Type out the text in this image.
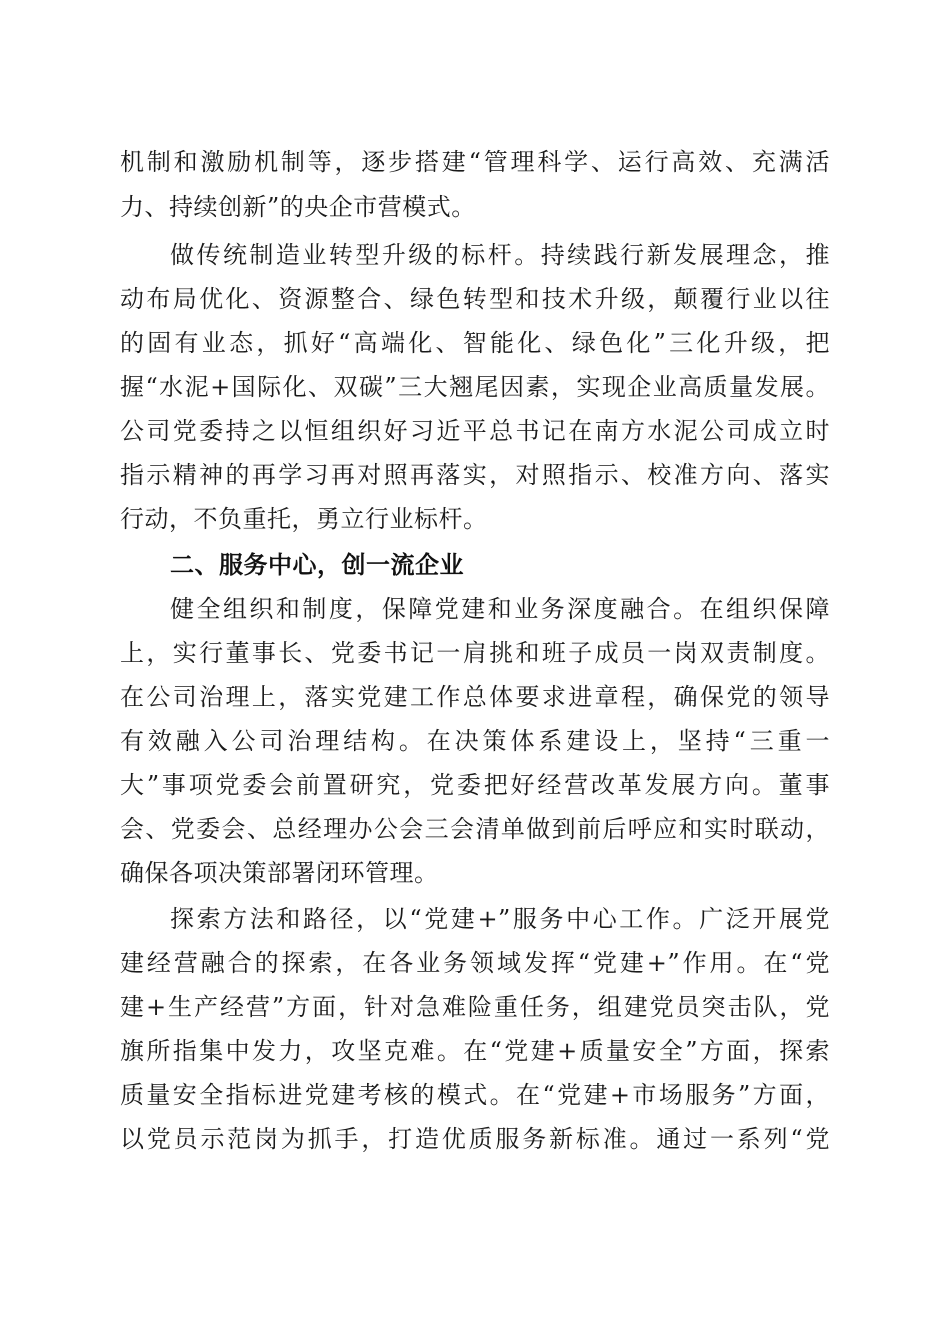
机制和激励机制等，逐步搭建“管理科学、运行高效、充满活
力、持续创新”的央企市营模式。
做传统制造业转型升级的标杆。持续践行新发展理念，推
动布局优化、资源整合、绿色转型和技术升级，颠覆行业以往
的固有业态，抓好“高端化、智能化、绿色化”三化升级，把
握“水泥+国际化、双碳”三大翘尾因素，实现企业高质量发展。
公司党委持之以恒组织好习近平总书记在南方水泥公司成立时
指示精神的再学习再对照再落实，对照指示、校准方向、落实
行动，不负重托，勇立行业标杆。
二、服务中心，创一流企业
健全组织和制度，保障党建和业务深度融合。在组织保障
上，实行董事长、党委书记一肩挑和班子成员一岗双责制度。
在公司治理上，落实党建工作总体要求进章程，确保党的领导
有效融入公司治理结构。在决策体系建设上，坚持“三重一
大”事项党委会前置研究，党委把好经营改革发展方向。董事
会、党委会、总经理办公会三会清单做到前后呼应和实时联动，
确保各项决策部署闭环管理。
探索方法和路径，以“党建+”服务中心工作。广泛开展党
建经营融合的探索，在各业务领域发挥“党建+”作用。在“党
建+生产经营”方面，针对急难险重任务，组建党员突击队，党
旗所指集中发力，攻坚克难。在“党建+质量安全”方面，探索
质量安全指标进党建考核的模式。在“党建+市场服务”方面，
以党员示范岗为抓手，打造优质服务新标准。通过一系列“党
